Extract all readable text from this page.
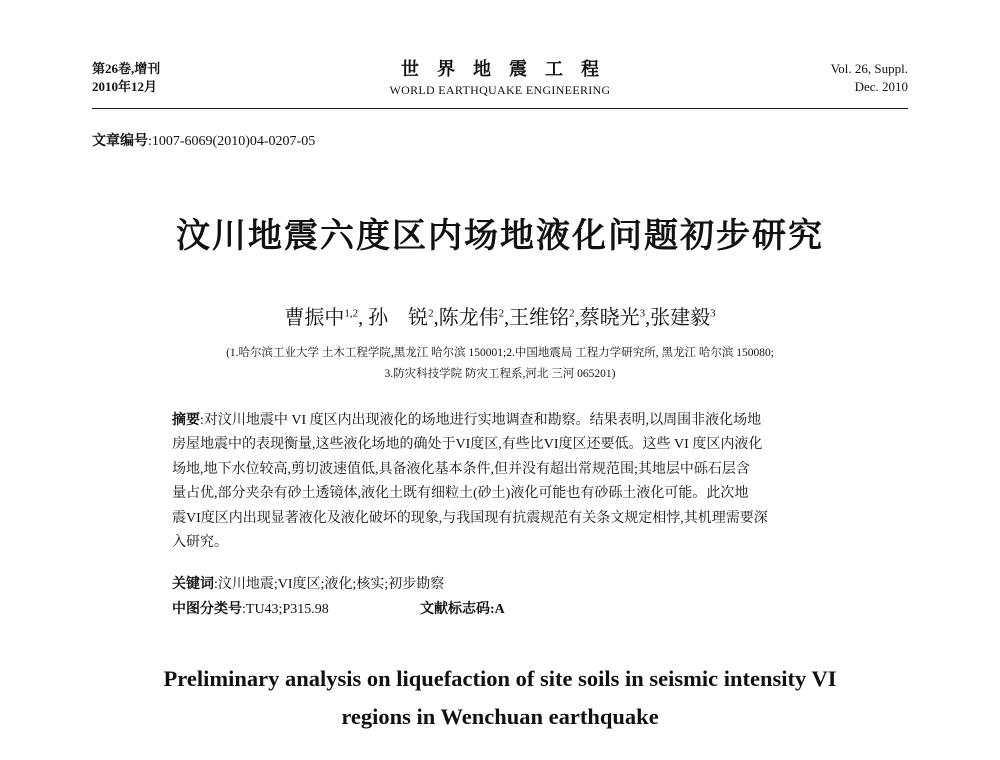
第26卷,增刊
2010年12月
世界地震工程
WORLD EARTHQUAKE ENGINEERING
Vol. 26, Suppl.
Dec. 2010
文章编号:1007-6069(2010)04-0207-05
汶川地震六度区内场地液化问题初步研究
曹振中$^{1,2}$, 孙　锐$^2$,陈龙伟$^2$,王维铭$^2$,蔡晓光$^3$,张建毅$^3$
(1.哈尔滨工业大学 土木工程学院,黑龙江 哈尔滨 150001;2.中国地震局 工程力学研究所, 黑龙江 哈尔滨 150080;
3.防灾科技学院 防灾工程系,河北 三河 065201)
摘要:对汶川地震中 VI 度区内出现液化的场地进行实地调查和勘察。结果表明,以周围非液化场地
房屋地震中的表现衡量,这些液化场地的确处于VI度区,有些比VI度区还要低。这些 VI 度区内液化
场地,地下水位较高,剪切波速值低,具备液化基本条件,但并没有超出常规范围;其地层中砾石层含
量占优,部分夹杂有砂土透镜体,液化土既有细粒土(砂土)液化可能也有砂砾土液化可能。此次地
震VI度区内出现显著液化及液化破坏的现象,与我国现有抗震规范有关条文规定相悖,其机理需要深
入研究。
关键词:汶川地震;VI度区;液化;核实;初步勘察
中图分类号:TU43;P315.98	文献标志码:A
Preliminary analysis on liquefaction of site soils in seismic intensity VI
regions in Wenchuan earthquake
